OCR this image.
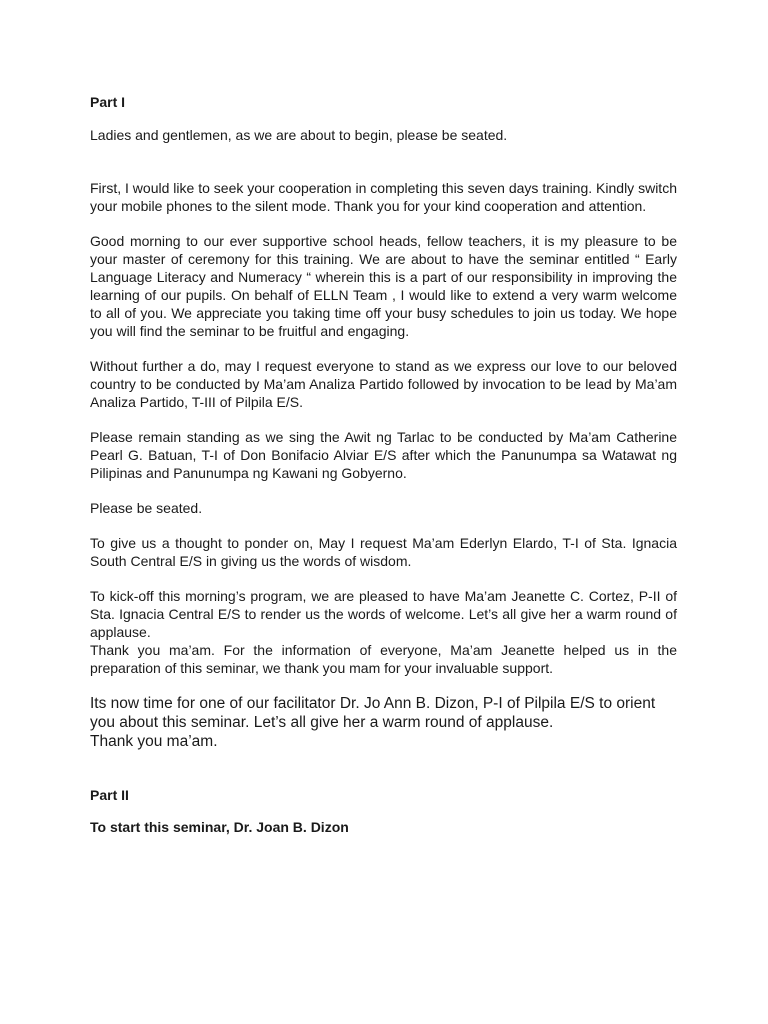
Part I

Ladies and gentlemen, as we are about to begin, please be seated.

First, I would like to seek your cooperation in completing this seven days training. Kindly switch your mobile phones to the silent mode. Thank you for your kind cooperation and attention.

Good morning to our ever supportive school heads, fellow teachers, it is my pleasure to be your master of ceremony for this training. We are about to have the seminar entitled “ Early Language Literacy and Numeracy “ wherein this is a part of our responsibility in improving the learning of our pupils. On behalf of ELLN Team , I would like to extend a very warm welcome to all of you. We appreciate you taking time off your busy schedules to join us today. We hope you will find the seminar to be fruitful and engaging.

Without further a do, may I request everyone to stand as we express our love to our beloved country to be conducted by Ma’am Analiza Partido followed by invocation to be lead by Ma’am Analiza Partido, T-III of Pilpila E/S.

Please remain standing as we sing the Awit ng Tarlac to be conducted by Ma’am Catherine Pearl G. Batuan, T-I of Don Bonifacio Alviar E/S after which the Panunumpa sa Watawat ng Pilipinas and Panunumpa ng Kawani ng Gobyerno.

Please be seated.

To give us a thought to ponder on, May I request Ma’am Ederlyn Elardo, T-I of Sta. Ignacia South Central E/S in giving us the words of wisdom.

To kick-off this morning’s program, we are pleased to have Ma’am Jeanette C. Cortez, P-II of Sta. Ignacia Central E/S to render us the words of welcome. Let’s all give her a warm round of applause.

Thank you ma’am. For the information of everyone, Ma’am Jeanette helped us in the preparation of this seminar, we thank you mam for your invaluable support.

Its now time for one of our facilitator Dr. Jo Ann B. Dizon, P-I of Pilpila E/S to orient you about this seminar. Let’s all give her a warm round of applause.

Thank you ma’am.

Part II

To start this seminar, Dr. Joan B. Dizon
